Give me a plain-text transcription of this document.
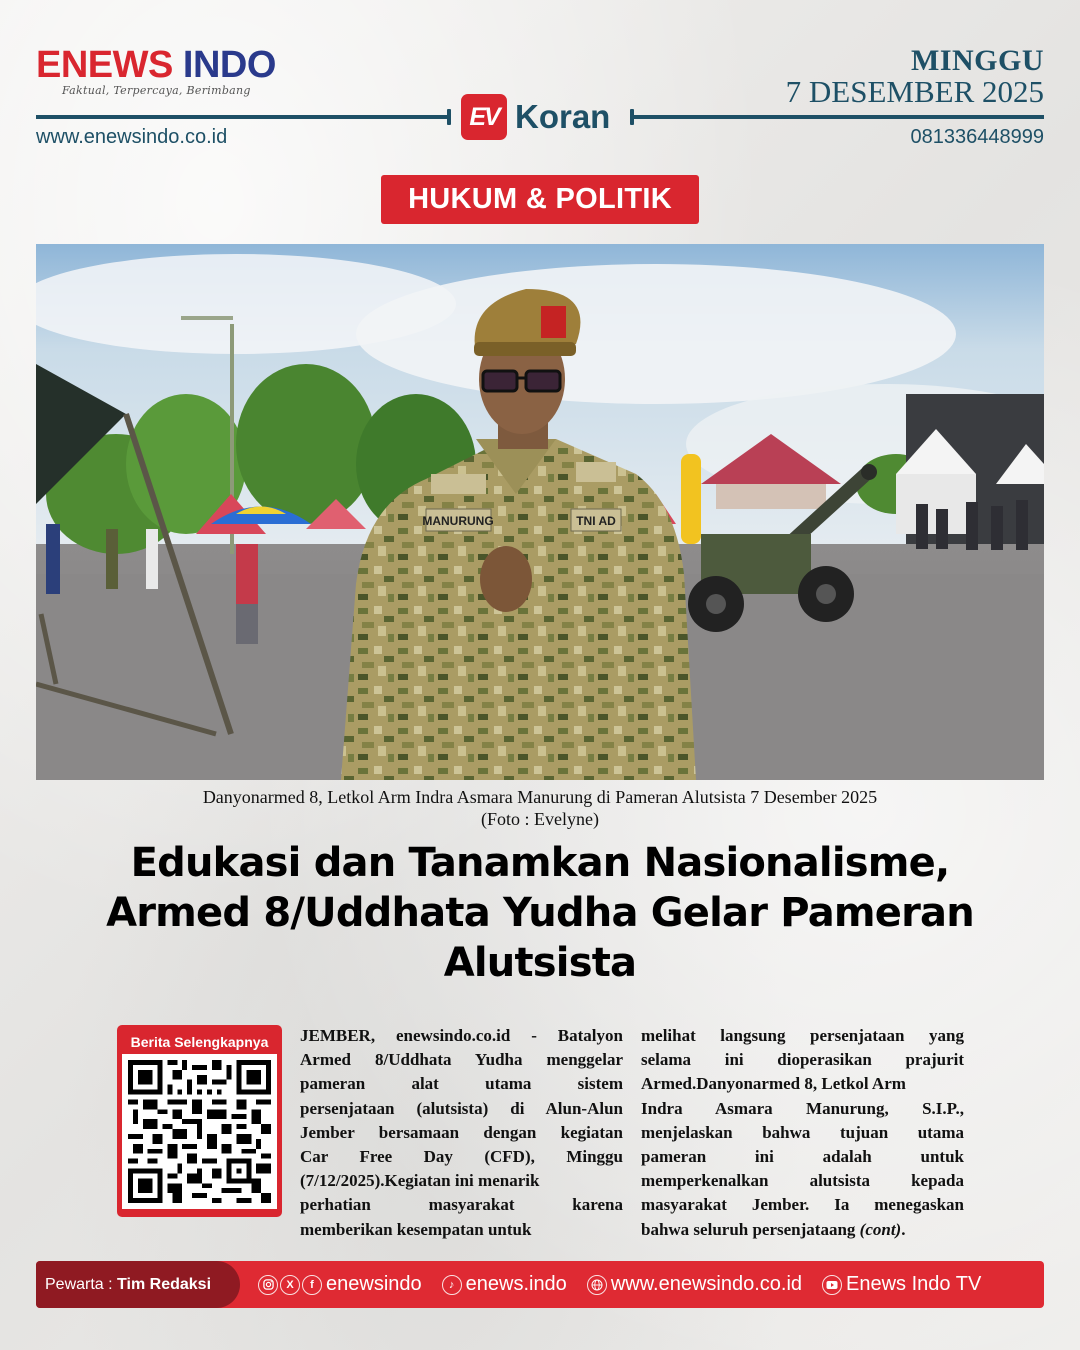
ENEWS INDO
Faktual, Terpercaya, Berimbang
EV Koran
MINGGU
7 DESEMBER 2025
www.enewsindo.co.id	081336448999
HUKUM & POLITIK
MANURUNG	TNI AD
Danyonarmed 8, Letkol Arm Indra Asmara Manurung di Pameran Alutsista 7 Desember 2025
(Foto : Evelyne)
Edukasi dan Tanamkan Nasionalisme,
Armed 8/Uddhata Yudha Gelar Pameran
Alutsista
Berita Selengkapnya	JEMBER, enewsindo.co.id - Batalyon
Armed 8/Uddhata Yudha menggelar
pameran alat utama sistem
persenjataan (alutsista) di Alun-Alun
Jember bersamaan dengan kegiatan
Car Free Day (CFD), Minggu
(7/12/2025).Kegiatan ini menarik
perhatian masyarakat karena
memberikan kesempatan untuk
melihat langsung persenjataan yang
selama ini dioperasikan prajurit
Armed.Danyonarmed 8, Letkol Arm
Indra Asmara Manurung, S.I.P.,
menjelaskan bahwa tujuan utama
pameran ini adalah untuk
memperkenalkan alutsista kepada
masyarakat Jember. Ia menegaskan
bahwa seluruh persenjataang (cont).
Pewarta :
Tim Redaksi	X	f enewsindo	♪ enews.indo www.enewsindo.co.id Enews Indo TV
